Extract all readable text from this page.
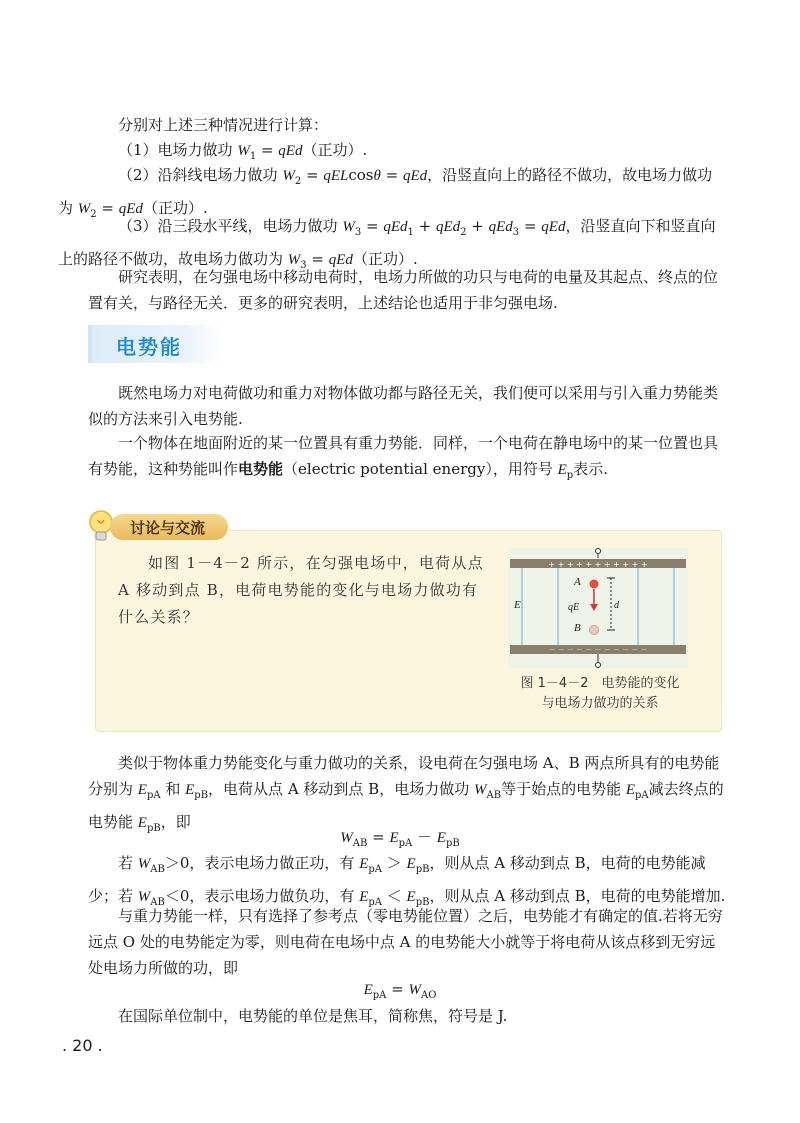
分别对上述三种情况进行计算：

（1）电场力做功 $W_1 = qEd$（正功）.

（2）沿斜线电场力做功 $W_2 = qELcos\theta$ = qEd，沿竖直向上的路径不做功，故电场力做功
为 $W_2 = qEd$（正功）.

（3）沿三段水平线，电场力做功 $W_3 = qEd_1 + qEd_2 + qEd_3$ = qEd，沿竖直向下和竖直向
上的路径不做功，故电场力做功为 $W_3 = qEd$（正功）.

研究表明，在匀强电场中移动电荷时，电场力所做的功只与电荷的电量及其起点、终点的位置有关，与路径无关．更多的研究表明，上述结论也适用于非匀强电场.

电势能

既然电场力对电荷做功和重力对物体做功都与路径无关，我们便可以采用与引入重力势能类似的方法来引入电势能.

一个物体在地面附近的某一位置具有重力势能．同样，一个电荷在静电场中的某一位置也具有势能，这种势能叫作电势能（electric potential energy），用符号 $E_p$表示.

讨论与交流
如图 1－4－2 所示，在匀强电场中，电荷从点 A 移动到点 B，电荷电势能的变化与电场力做功有什么关系？
+ + + + + + + + + + +
－ － － － － － － － － － －
E
A
qE	d
B
图 1－4－2　电势能的变化
与电场力做功的关系

类似于物体重力势能变化与重力做功的关系，设电荷在匀强电场 A、B 两点所具有的电势能分别为 $E_{pA}$ 和 $E_{pB}$，电荷从点 A 移动到点 B，电场力做功 $W_{AB}$等于始点的电势能 $E_{pA}$减去终点的电势能 $E_{pB}$，即

$W_{AB} = E_{pA} - E_{pB}$

若 $W_{AB}>0$，表示电场力做正功，有 $E_{pA} > E_{pB}$，则从点 A 移动到点 B，电荷的电势能减少；若 $W_{AB}<0$，表示电场力做负功，有 $E_{pA} < E_{pB}$，则从点 A 移动到点 B，电荷的电势能增加.

与重力势能一样，只有选择了参考点（零电势能位置）之后，电势能才有确定的值.若将无穷远点 O 处的电势能定为零，则电荷在电场中点 A 的电势能大小就等于将电荷从该点移到无穷远处电场力所做的功，即

$E_{pA} = W_{AO}$

在国际单位制中，电势能的单位是焦耳，简称焦，符号是 J.

. 20 .
